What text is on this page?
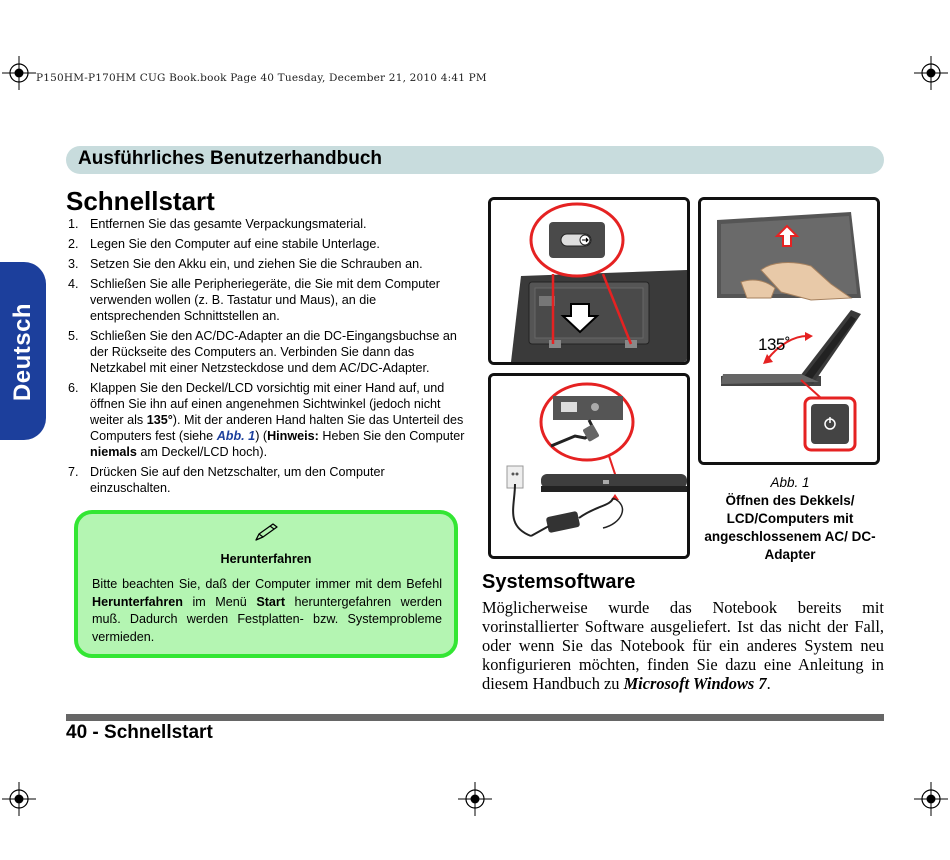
P150HM-P170HM CUG Book.book Page 40 Tuesday, December 21, 2010 4:41 PM
Ausführliches Benutzerhandbuch
Deutsch
Schnellstart
1. Entfernen Sie das gesamte Verpackungsmaterial.
2. Legen Sie den Computer auf eine stabile Unterlage.
3. Setzen Sie den Akku ein, und ziehen Sie die Schrauben an.
4. Schließen Sie alle Peripheriegeräte, die Sie mit dem Computer verwenden wollen (z. B. Tastatur und Maus), an die entsprechenden Schnittstellen an.
5. Schließen Sie den AC/DC-Adapter an die DC-Eingangsbuchse an der Rückseite des Computers an. Verbinden Sie dann das Netzkabel mit einer Netzsteckdose und dem AC/DC-Adapter.
6. Klappen Sie den Deckel/LCD vorsichtig mit einer Hand auf, und öffnen Sie ihn auf einen angenehmen Sichtwinkel (jedoch nicht weiter als 135°). Mit der anderen Hand halten Sie das Unterteil des Computers fest (siehe Abb. 1) (Hinweis: Heben Sie den Computer niemals am Deckel/LCD hoch).
7. Drücken Sie auf den Netzschalter, um den Computer einzuschalten.
Herunterfahren
Bitte beachten Sie, daß der Computer immer mit dem Befehl Herunterfahren im Menü Start heruntergefahren werden muß. Dadurch werden Festplatten- bzw. Systemprobleme vermieden.
135˚
Abb. 1
Öffnen des Dekkels/ LCD/Computers mit angeschlossenem AC/ DC-Adapter
Systemsoftware
Möglicherweise wurde das Notebook bereits mit vorinstallierter Software ausgeliefert. Ist das nicht der Fall, oder wenn Sie das Notebook für ein anderes System neu konfigurieren möchten, finden Sie dazu eine Anleitung in diesem Handbuch zu Microsoft Windows 7.
40 - Schnellstart
